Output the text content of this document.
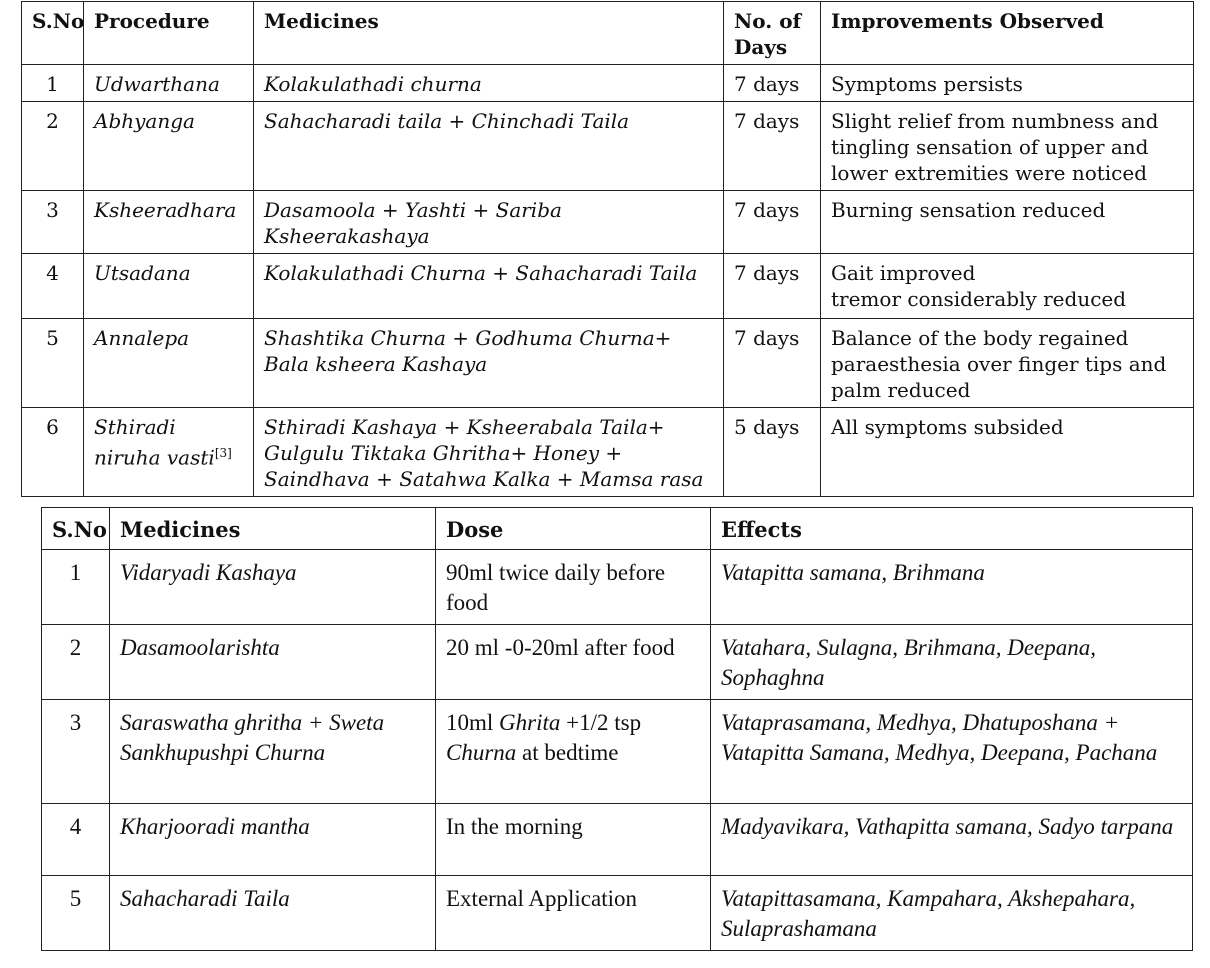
S.No	Procedure	Medicines	No. of Days	Improvements Observed
1	Udwarthana	Kolakulathadi churna	7 days	Symptoms persists
2	Abhyanga	Sahacharadi taila + Chinchadi Taila	7 days	Slight relief from numbness and tingling sensation of upper and lower extremities were noticed
3	Ksheeradhara	Dasamoola + Yashti + Sariba Ksheerakashaya	7 days	Burning sensation reduced
4	Utsadana	Kolakulathadi Churna + Sahacharadi Taila	7 days	Gait improved
tremor considerably reduced
5	Annalepa	Shashtika Churna + Godhuma Churna+ Bala ksheera Kashaya	7 days	Balance of the body regained paraesthesia over finger tips and palm reduced
6	Sthiradi niruha vasti[3]	Sthiradi Kashaya + Ksheerabala Taila+ Gulgulu Tiktaka Ghritha+ Honey + Saindhava + Satahwa Kalka + Mamsa rasa	5 days	All symptoms subsided
S.No	Medicines	Dose	Effects
1	Vidaryadi Kashaya	90ml twice daily before food	Vatapitta samana, Brihmana
2	Dasamoolarishta	20 ml -0-20ml after food	Vatahara, Sulagna, Brihmana, Deepana, Sophaghna
3	Saraswatha ghritha + Sweta Sankhupushpi Churna	10ml Ghrita +1/2 tsp Churna at bedtime	Vataprasamana, Medhya, Dhatuposhana + Vatapitta Samana, Medhya, Deepana, Pachana
4	Kharjooradi mantha	In the morning	Madyavikara, Vathapitta samana, Sadyo tarpana
5	Sahacharadi Taila	External Application	Vatapittasamana, Kampahara, Akshepahara, Sulaprashamana
